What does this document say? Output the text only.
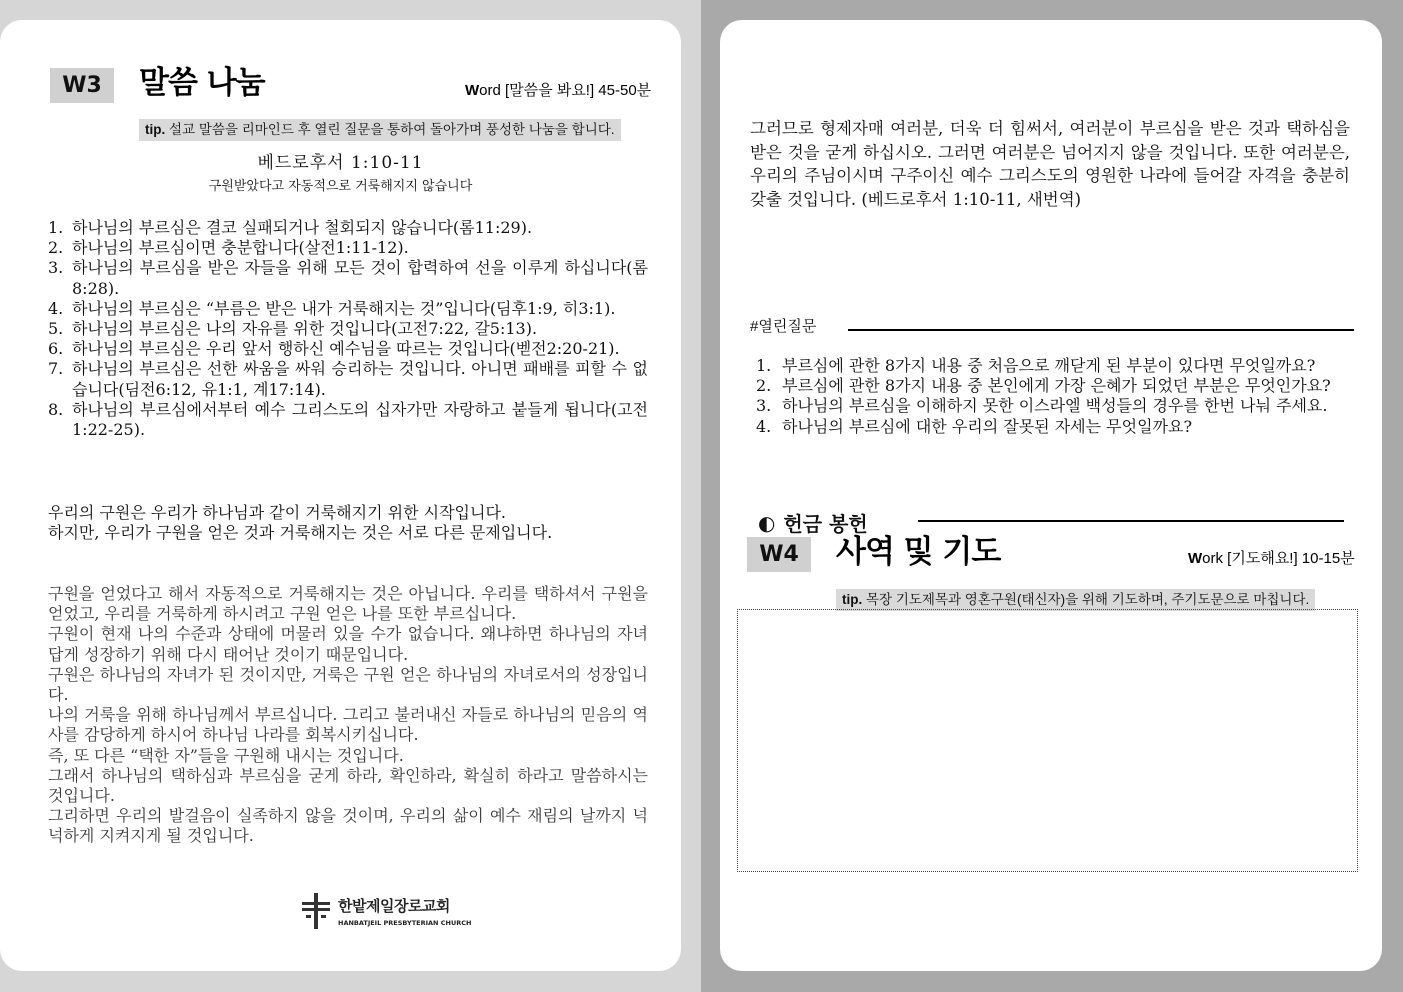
W3	말씀 나눔	Word [말씀을 봐요!] 45-50분
tip. 설교 말씀을 리마인드 후 열린 질문을 통하여 돌아가며 풍성한 나눔을 합니다.
베드로후서 1:10-11
구원받았다고 자동적으로 거룩해지지 않습니다
1. 하나님의 부르심은 결코 실패되거나 철회되지 않습니다(롬11:29).
2. 하나님의 부르심이면 충분합니다(살전1:11-12).
3. 하나님의 부르심을 받은 자들을 위해 모든 것이 합력하여 선을 이루게 하십니다(롬8:28).
4. 하나님의 부르심은 “부름은 받은 내가 거룩해지는 것”입니다(딤후1:9, 히3:1).
5. 하나님의 부르심은 나의 자유를 위한 것입니다(고전7:22, 갈5:13).
6. 하나님의 부르심은 우리 앞서 행하신 예수님을 따르는 것입니다(벧전2:20-21).
7. 하나님의 부르심은 선한 싸움을 싸워 승리하는 것입니다. 아니면 패배를 피할 수 없습니다(딤전6:12, 유1:1, 계17:14).
8. 하나님의 부르심에서부터 예수 그리스도의 십자가만 자랑하고 붙들게 됩니다(고전1:22-25).

우리의 구원은 우리가 하나님과 같이 거룩해지기 위한 시작입니다.

하지만, 우리가 구원을 얻은 것과 거룩해지는 것은 서로 다른 문제입니다.

구원을 얻었다고 해서 자동적으로 거룩해지는 것은 아닙니다. 우리를 택하셔서 구원을 얻었고, 우리를 거룩하게 하시려고 구원 얻은 나를 또한 부르십니다.

구원이 현재 나의 수준과 상태에 머물러 있을 수가 없습니다. 왜냐하면 하나님의 자녀답게 성장하기 위해 다시 태어난 것이기 때문입니다.

구원은 하나님의 자녀가 된 것이지만, 거룩은 구원 얻은 하나님의 자녀로서의 성장입니다.

나의 거룩을 위해 하나님께서 부르십니다. 그리고 불러내신 자들로 하나님의 믿음의 역사를 감당하게 하시어 하나님 나라를 회복시키십니다.

즉, 또 다른 “택한 자”들을 구원해 내시는 것입니다.

그래서 하나님의 택하심과 부르심을 굳게 하라, 확인하라, 확실히 하라고 말씀하시는 것입니다.

그리하면 우리의 발걸음이 실족하지 않을 것이며, 우리의 삶이 예수 재림의 날까지 넉넉하게 지켜지게 될 것입니다.

한밭제일장로교회
HANBATJEIL PRESBYTERIAN CHURCH

그러므로 형제자매 여러분, 더욱 더 힘써서, 여러분이 부르심을 받은 것과 택하심을 받은 것을 굳게 하십시오. 그러면 여러분은 넘어지지 않을 것입니다. 또한 여러분은, 우리의 주님이시며 구주이신 예수 그리스도의 영원한 나라에 들어갈 자격을 충분히 갖출 것입니다. (베드로후서 1:10-11, 새번역)

#열린질문
1. 부르심에 관한 8가지 내용 중 처음으로 깨닫게 된 부분이 있다면 무엇일까요?
2. 부르심에 관한 8가지 내용 중 본인에게 가장 은혜가 되었던 부분은 무엇인가요?
3. 하나님의 부르심을 이해하지 못한 이스라엘 백성들의 경우를 한번 나눠 주세요.
4. 하나님의 부르심에 대한 우리의 잘못된 자세는 무엇일까요?
◐ 헌금 봉헌
W4	사역 및 기도	Work [기도해요!] 10-15분
tip. 목장 기도제목과 영혼구원(태신자)을 위해 기도하며, 주기도문으로 마칩니다.
